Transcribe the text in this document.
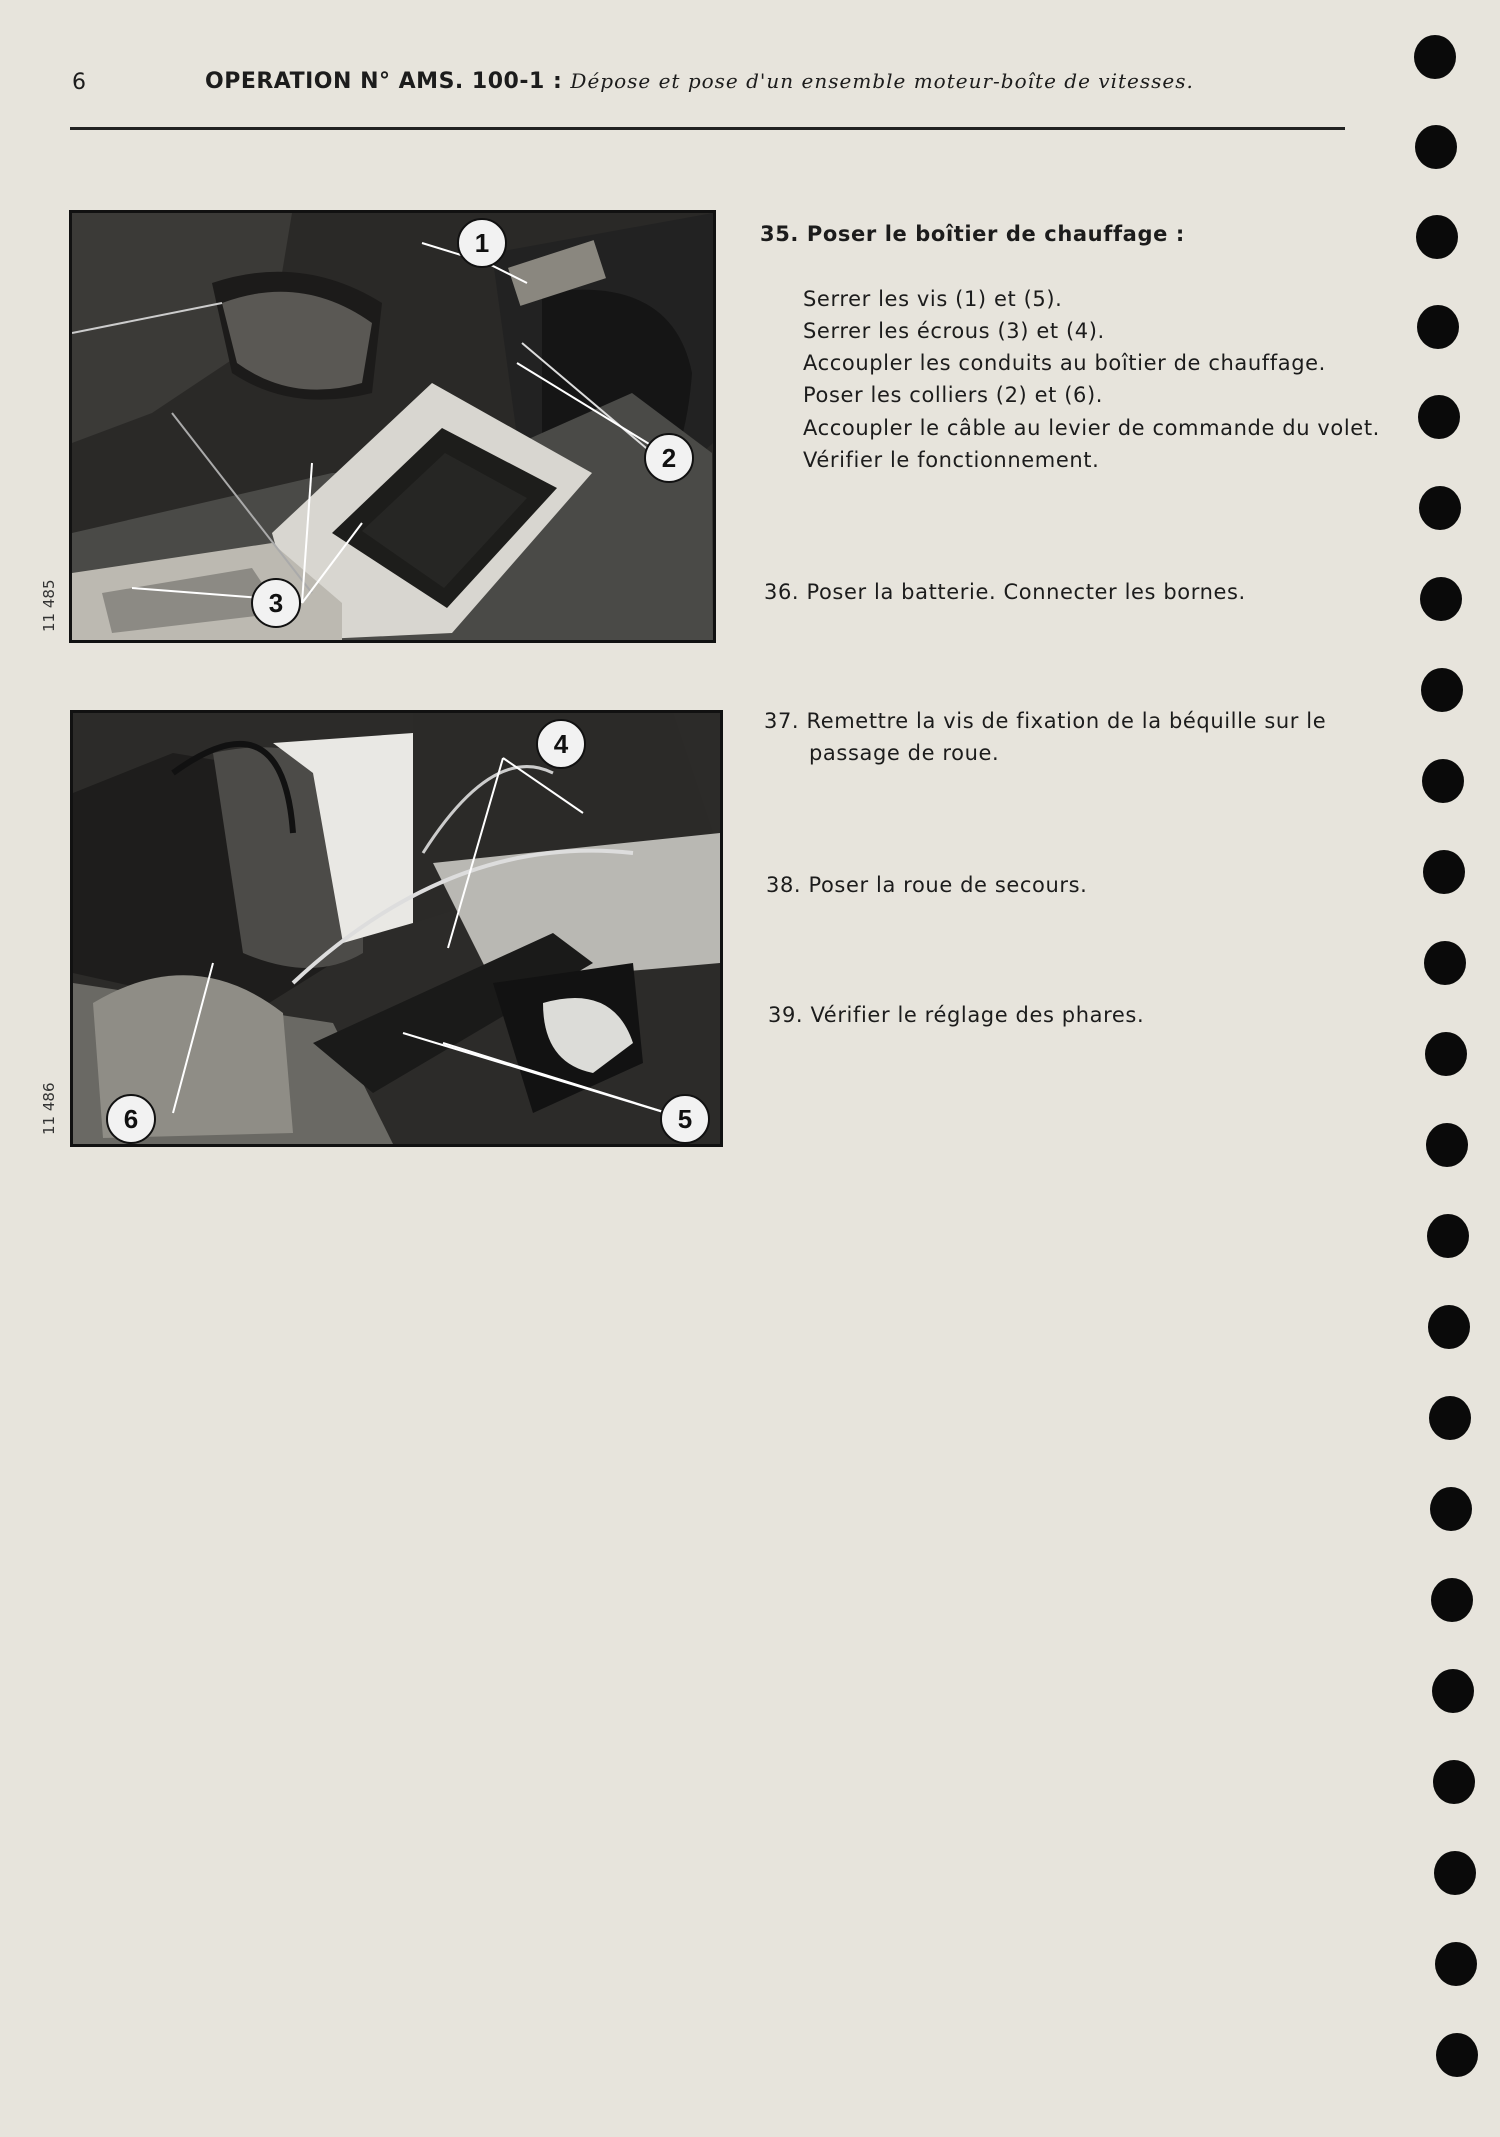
6	OPERATION N° AMS. 100-1 : Dépose et pose d'un ensemble moteur-boîte de vitesses.
1
2
3
11 485
4
5
6
11 486
35. Poser le boîtier de chauffage :
Serrer les vis (1) et (5).
Serrer les écrous (3) et (4).
Accoupler les conduits au boîtier de chauffage.
Poser les colliers (2) et (6).
Accoupler le câble au levier de commande du volet.
Vérifier le fonctionnement.
36. Poser la batterie. Connecter les bornes.
37. Remettre la vis de fixation de la béquille sur le
passage de roue.
38. Poser la roue de secours.
39. Vérifier le réglage des phares.
